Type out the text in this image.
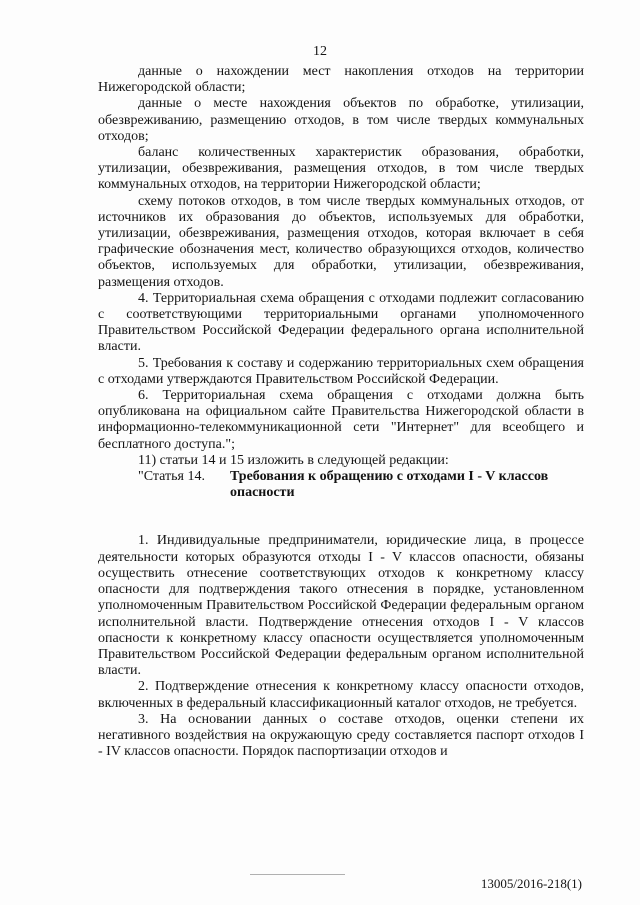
12

данные о нахождении мест накопления отходов на территории Нижегородской области;

данные о месте нахождения объектов по обработке, утилизации, обезвреживанию, размещению отходов, в том числе твердых коммунальных отходов;

баланс количественных характеристик образования, обработки, утилизации, обезвреживания, размещения отходов, в том числе твердых коммунальных отходов, на территории Нижегородской области;

схему потоков отходов, в том числе твердых коммунальных отходов, от источников их образования до объектов, используемых для обработки, утилизации, обезвреживания, размещения отходов, которая включает в себя графические обозначения мест, количество образующихся отходов, количество объектов, используемых для обработки, утилизации, обезвреживания, размещения отходов.

4. Территориальная схема обращения с отходами подлежит согласованию с соответствующими территориальными органами уполномоченного Правительством Российской Федерации федерального органа исполнительной власти.

5. Требования к составу и содержанию территориальных схем обращения с отходами утверждаются Правительством Российской Федерации.

6. Территориальная схема обращения с отходами должна быть опубликована на официальном сайте Правительства Нижегородской области в информационно-телекоммуникационной сети "Интернет" для всеобщего и бесплатного доступа.";

11) статьи 14 и 15 изложить в следующей редакции:

"Статья 14.	Требования к обращению с отходами I - V классов опасности

1. Индивидуальные предприниматели, юридические лица, в процессе деятельности которых образуются отходы I - V классов опасности, обязаны осуществить отнесение соответствующих отходов к конкретному классу опасности для подтверждения такого отнесения в порядке, установленном уполномоченным Правительством Российской Федерации федеральным органом исполнительной власти. Подтверждение отнесения отходов I - V классов опасности к конкретному классу опасности осуществляется уполномоченным Правительством Российской Федерации федеральным органом исполнительной власти.

2. Подтверждение отнесения к конкретному классу опасности отходов, включенных в федеральный классификационный каталог отходов, не требуется.

3. На основании данных о составе отходов, оценки степени их негативного воздействия на окружающую среду составляется паспорт отходов I - IV классов опасности. Порядок паспортизации отходов и

13005/2016-218(1)
